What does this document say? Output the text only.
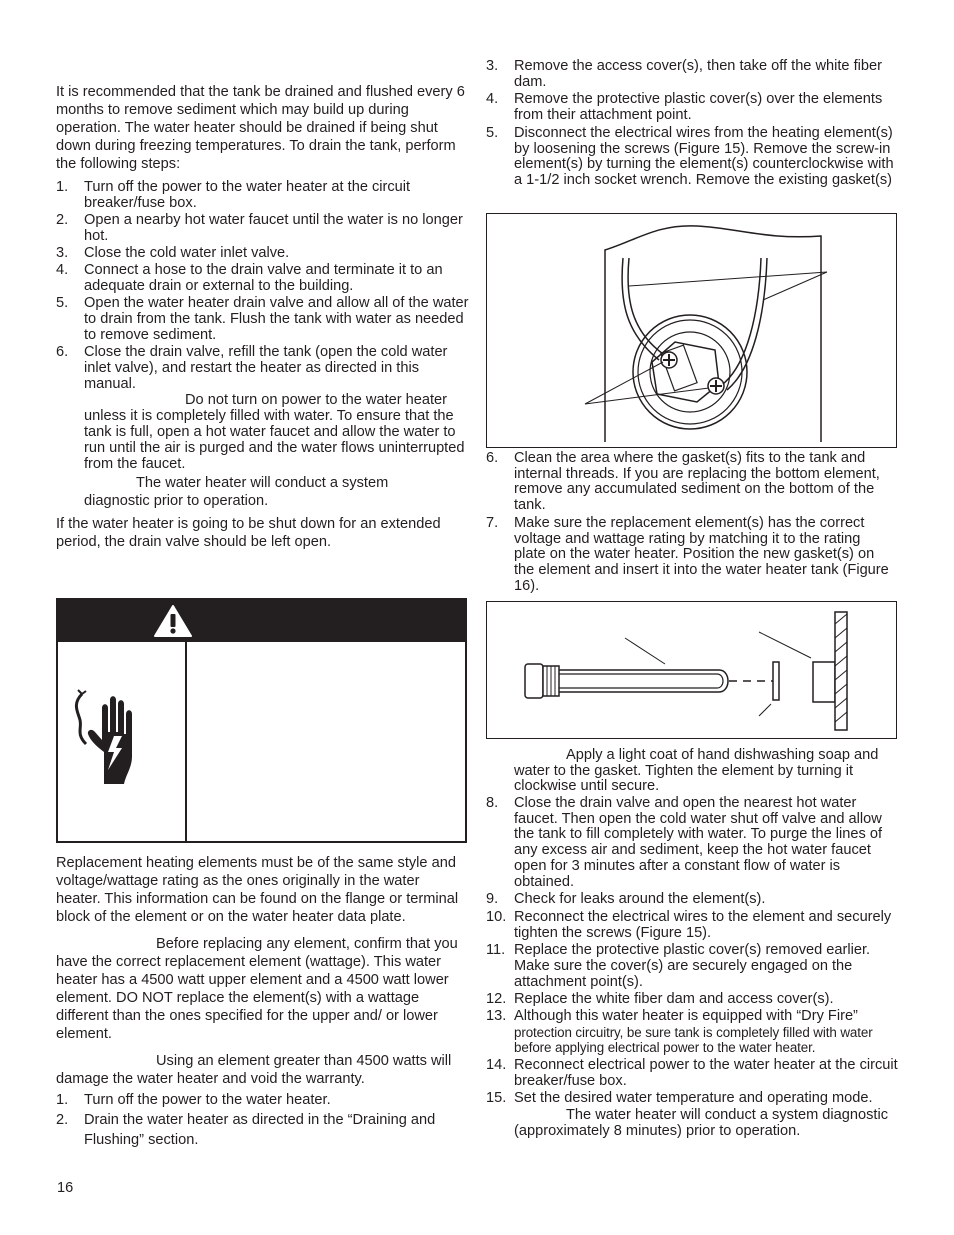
It is recommended that the tank be drained and flushed every 6 months to remove sediment which may build up during operation. The water heater should be drained if being shut down during freezing temperatures. To drain the tank, perform the following steps:

1. Turn off the power to the water heater at the circuit breaker/fuse box.
2. Open a nearby hot water faucet until the water is no longer hot.
3. Close the cold water inlet valve.
4. Connect a hose to the drain valve and terminate it to an adequate drain or external to the building.
5. Open the water heater drain valve and allow all of the water to drain from the tank. Flush the tank with water as needed to remove sediment.
6. Close the drain valve, refill the tank (open the cold water inlet valve), and restart the heater as directed in this manual.

Do not turn on power to the water heater unless it is completely filled with water. To ensure that the tank is full, open a hot water faucet and allow the water to run until the air is purged and the water flows uninterrupted from the faucet.

The water heater will conduct a system diagnostic prior to operation.

If the water heater is going to be shut down for an extended period, the drain valve should be left open.

Replacement heating elements must be of the same style and voltage/wattage rating as the ones originally in the water heater. This information can be found on the flange or terminal block of the element or on the water heater data plate.

Before replacing any element, confirm that you have the correct replacement element (wattage). This water heater has a 4500 watt upper element and a 4500 watt lower element. DO NOT replace the element(s) with a wattage different than the ones specified for the upper and/ or lower element.

Using an element greater than 4500 watts will damage the water heater and void the warranty.

1. Turn off the power to the water heater.
2. Drain the water heater as directed in the “Draining and Flushing” section.
3. Remove the access cover(s), then take off the white fiber dam.
4. Remove the protective plastic cover(s) over the elements from their attachment point.
5. Disconnect the electrical wires from the heating element(s) by loosening the screws (Figure 15). Remove the screw-in element(s) by turning the element(s) counterclockwise with a 1-1/2 inch socket wrench. Remove the existing gasket(s)
6. Clean the area where the gasket(s) fits to the tank and internal threads. If you are replacing the bottom element, remove any accumulated sediment on the bottom of the tank.
7. Make sure the replacement element(s) has the correct voltage and wattage rating by matching it to the rating plate on the water heater. Position the new gasket(s) on the element and insert it into the water heater tank (Figure 16).

Apply a light coat of hand dishwashing soap and water to the gasket. Tighten the element by turning it clockwise until secure.

8. Close the drain valve and open the nearest hot water faucet. Then open the cold water shut off valve and allow the tank to fill completely with water. To purge the lines of any excess air and sediment, keep the hot water faucet open for 3 minutes after a constant flow of water is obtained.
9. Check for leaks around the element(s).
10. Reconnect the electrical wires to the element and securely tighten the screws (Figure 15).
11. Replace the protective plastic cover(s) removed earlier. Make sure the cover(s) are securely engaged on the attachment point(s).
12. Replace the white fiber dam and access cover(s).
13. Although this water heater is equipped with “Dry Fire”
protection circuitry, be sure tank is completely filled with water before applying electrical power to the water heater.
14. Reconnect electrical power to the water heater at the circuit breaker/fuse box.
15. Set the desired water temperature and operating mode.

The water heater will conduct a system diagnostic (approximately 8 minutes) prior to operation.

16
